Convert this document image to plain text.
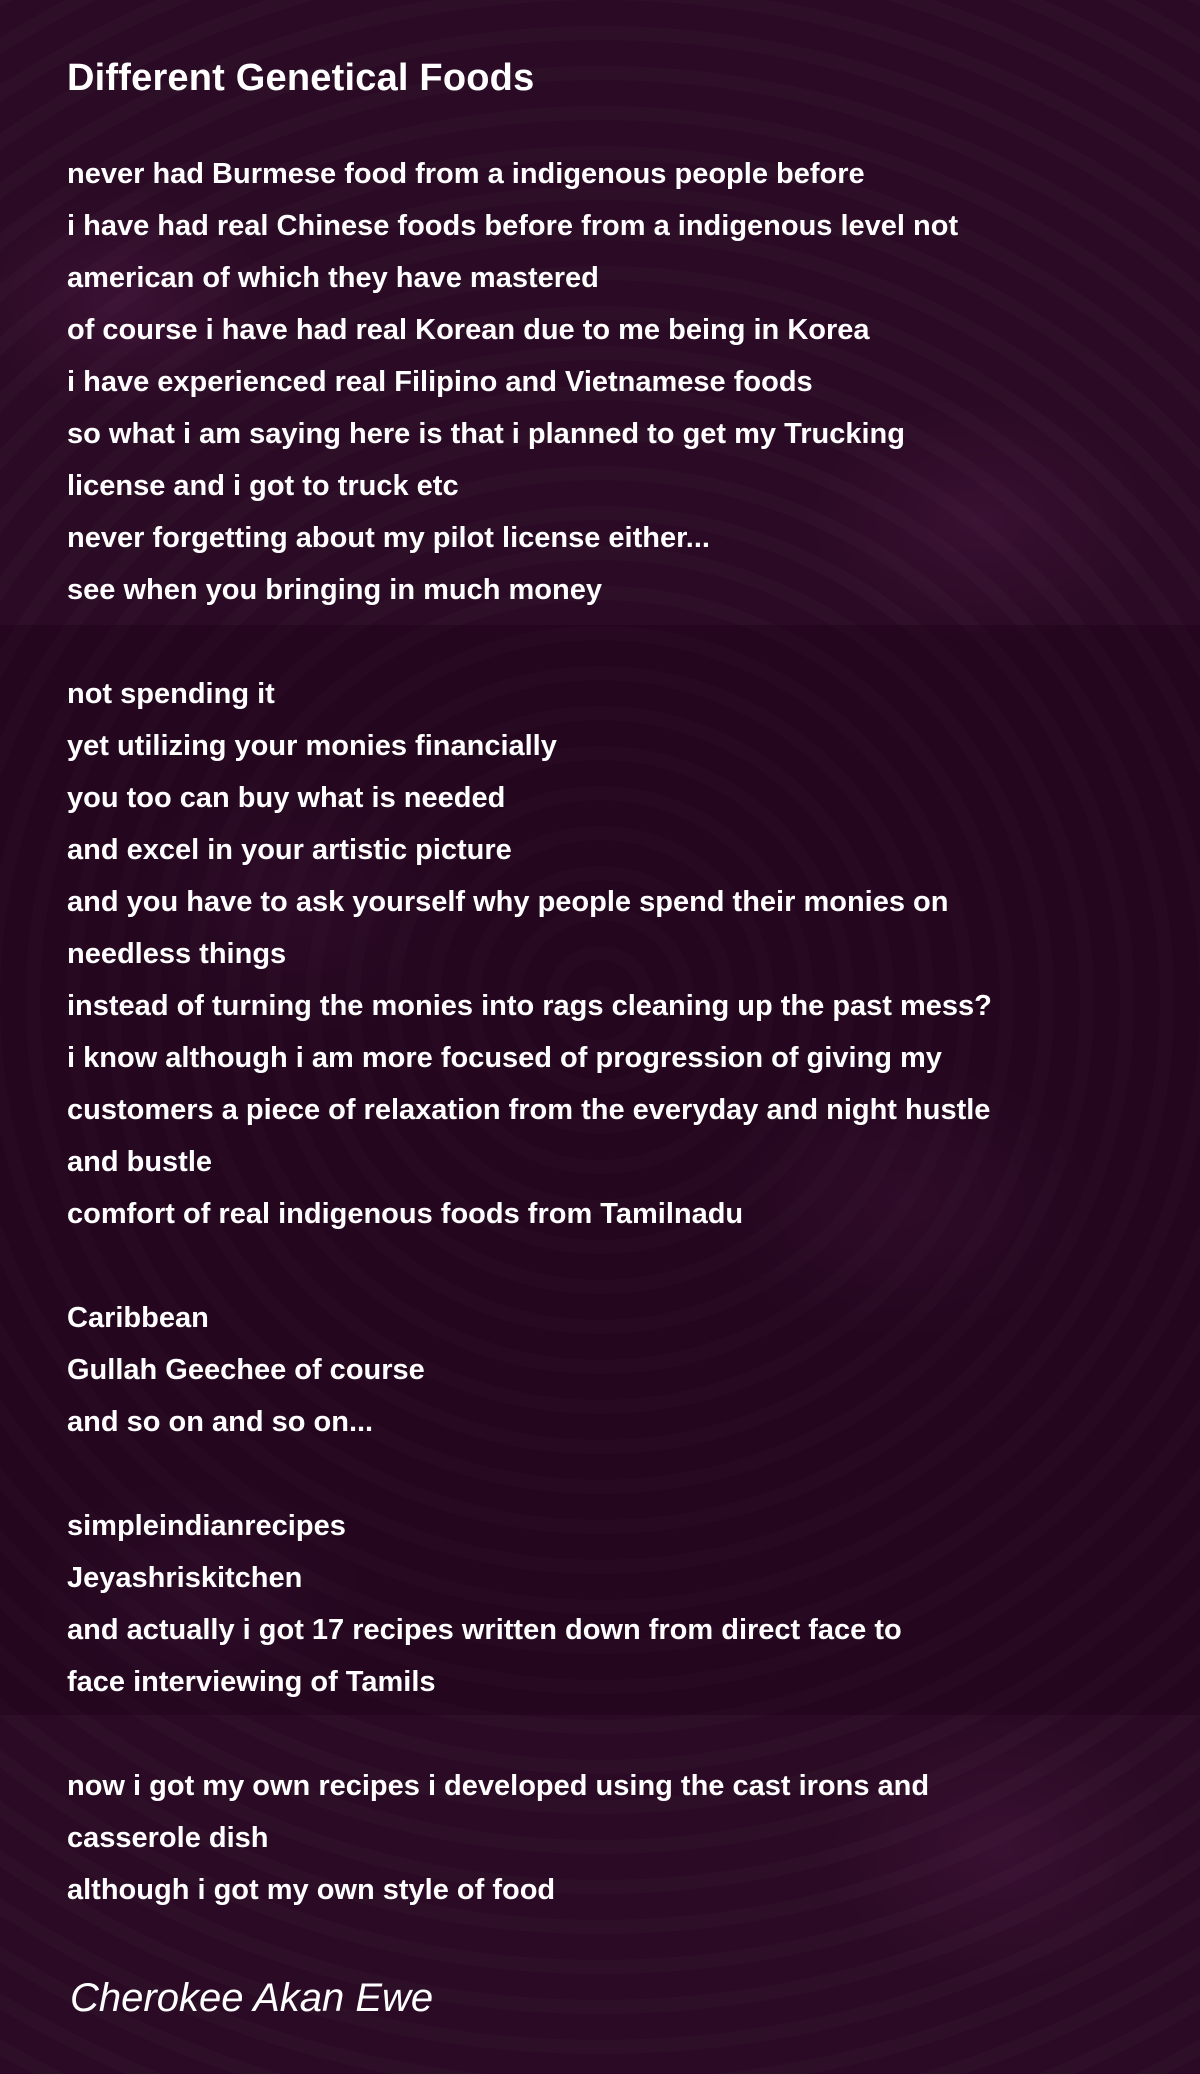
Different Genetical Foods
never had Burmese food from a indigenous people before
i have had real Chinese foods before from a indigenous level not
american of which they have mastered
of course i have had real Korean due to me being in Korea
i have experienced real Filipino and Vietnamese foods
so what i am saying here is that i planned to get my Trucking
license and i got to truck etc
never forgetting about my pilot license either...
see when you bringing in much money
not spending it
yet utilizing your monies financially
you too can buy what is needed
and excel in your artistic picture
and you have to ask yourself why people spend their monies on
needless things
instead of turning the monies into rags cleaning up the past mess?
i know although i am more focused of progression of giving my
customers a piece of relaxation from the everyday and night hustle
and bustle
comfort of real indigenous foods from Tamilnadu
Caribbean
Gullah Geechee of course
and so on and so on...
simpleindianrecipes
Jeyashriskitchen
and actually i got 17 recipes written down from direct face to
face interviewing of Tamils
now i got my own recipes i developed using the cast irons and
casserole dish
although i got my own style of food
Cherokee Akan Ewe
